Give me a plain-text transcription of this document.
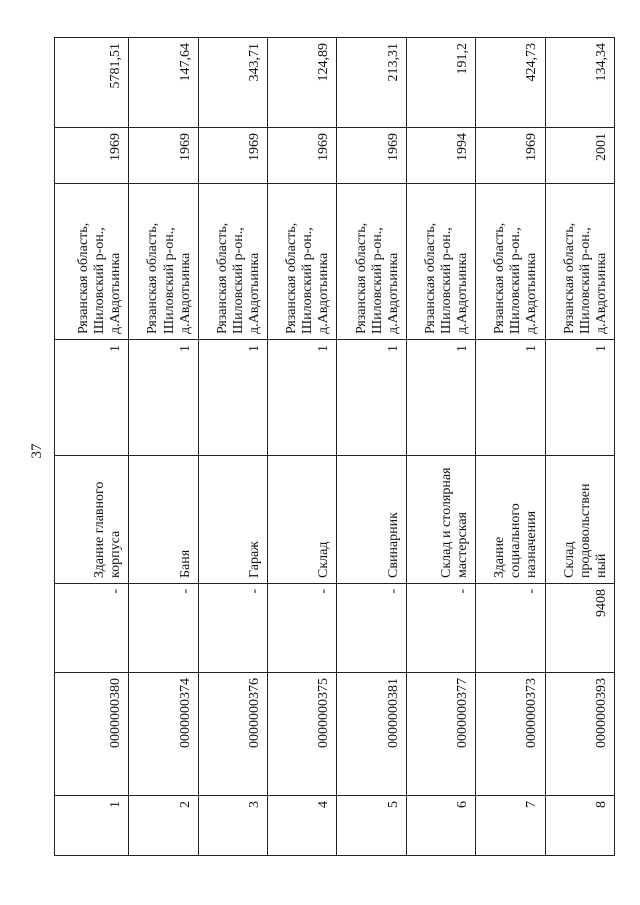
37
1	0000000380	-	Здание главного корпуса	1	Рязанская область, Шиловский р-он., д.Авдотьинка	1969	5781,51
2	0000000374	-	Баня	1	Рязанская область, Шиловский р-он., д.Авдотьинка	1969	147,64
3	0000000376	-	Гараж	1	Рязанская область, Шиловский р-он., д.Авдотьинка	1969	343,71
4	0000000375	-	Склад	1	Рязанская область, Шиловский р-он., д.Авдотьинка	1969	124,89
5	0000000381	-	Свинарник	1	Рязанская область, Шиловский р-он., д.Авдотьинка	1969	213,31
6	0000000377	-	Склад и столярная мастерская	1	Рязанская область, Шиловский р-он., д.Авдотьинка	1994	191,2
7	0000000373	-	Здание социального назначения	1	Рязанская область, Шиловский р-он., д.Авдотьинка	1969	424,73
8	0000000393	9408	Склад продовольствен ный	1	Рязанская область, Шиловский р-он., д.Авдотьинка	2001	134,34
